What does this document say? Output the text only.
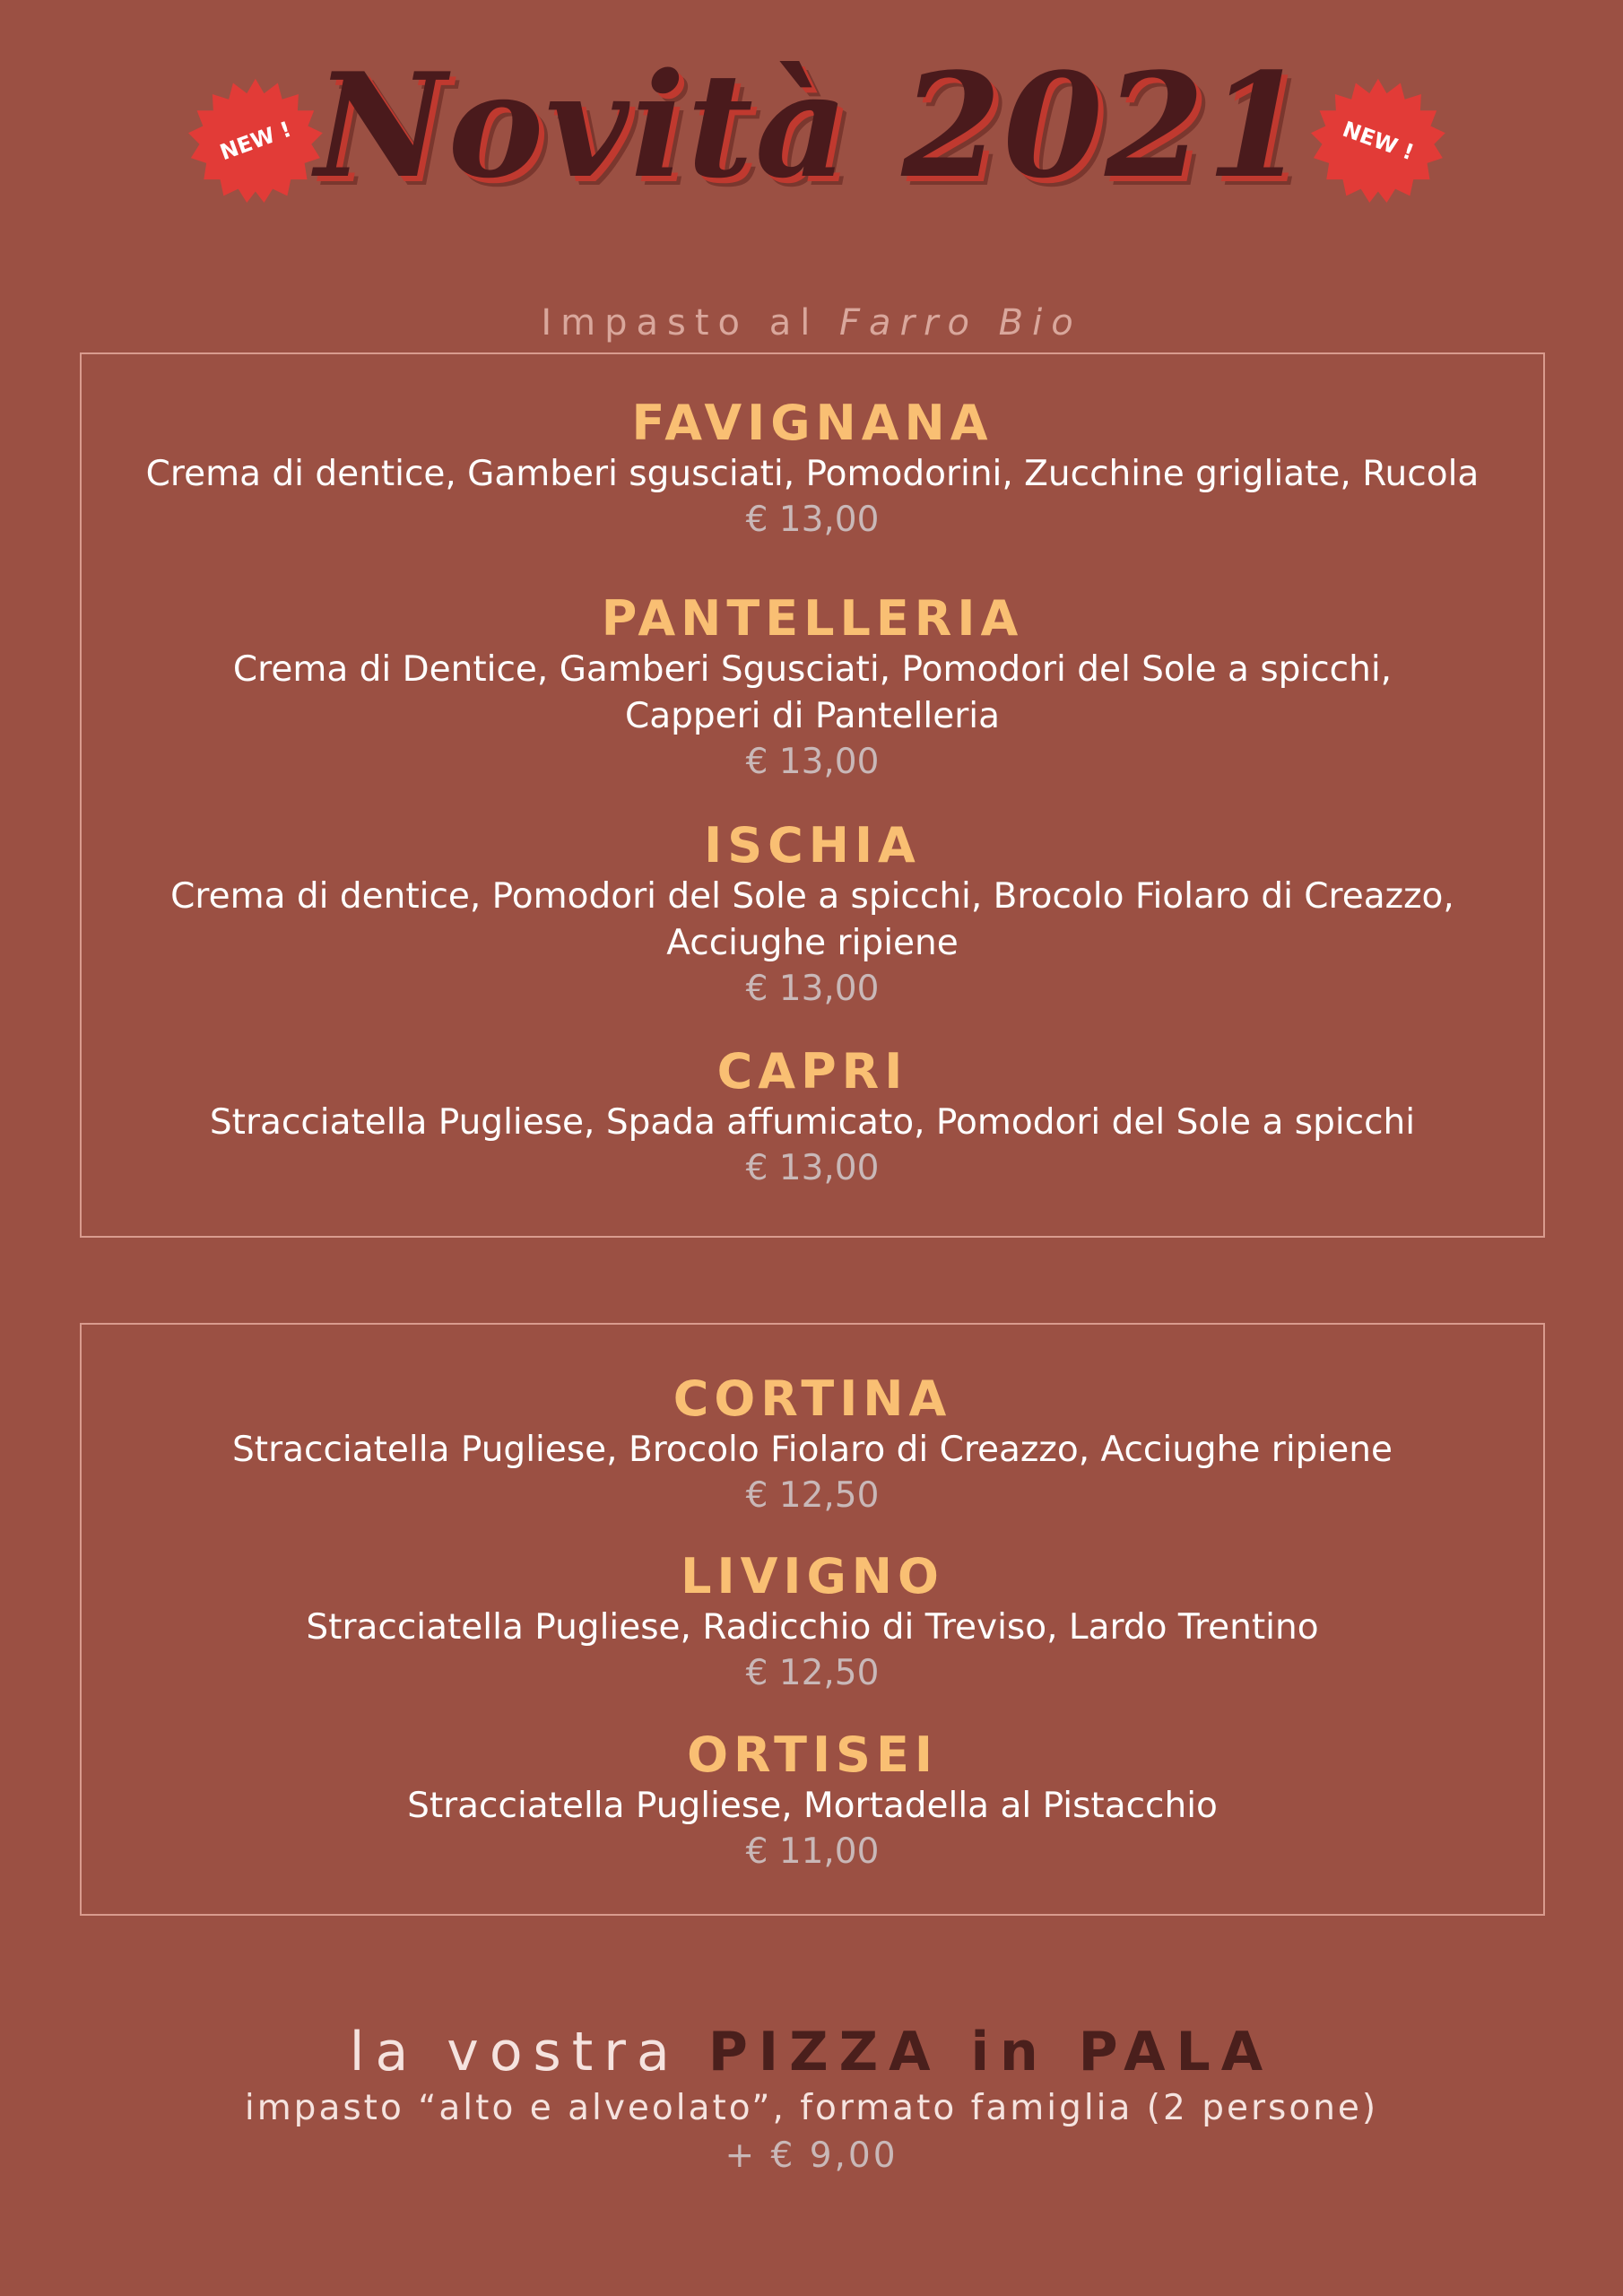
NEW !	NEW !
Novità 2021
Impasto al Farro Bio
FAVIGNANA
Crema di dentice, Gamberi sgusciati, Pomodorini, Zucchine grigliate, Rucola
€ 13,00
PANTELLERIA
Crema di Dentice, Gamberi Sgusciati, Pomodori del Sole a spicchi,
Capperi di Pantelleria
€ 13,00
ISCHIA
Crema di dentice, Pomodori del Sole a spicchi, Brocolo Fiolaro di Creazzo,
Acciughe ripiene
€ 13,00
CAPRI
Stracciatella Pugliese, Spada affumicato, Pomodori del Sole a spicchi
€ 13,00
CORTINA
Stracciatella Pugliese, Brocolo Fiolaro di Creazzo, Acciughe ripiene
€ 12,50
LIVIGNO
Stracciatella Pugliese, Radicchio di Treviso, Lardo Trentino
€ 12,50
ORTISEI
Stracciatella Pugliese, Mortadella al Pistacchio
€ 11,00
la vostra PIZZA in PALA
impasto “alto e alveolato”, formato famiglia (2 persone)
+ € 9,00
